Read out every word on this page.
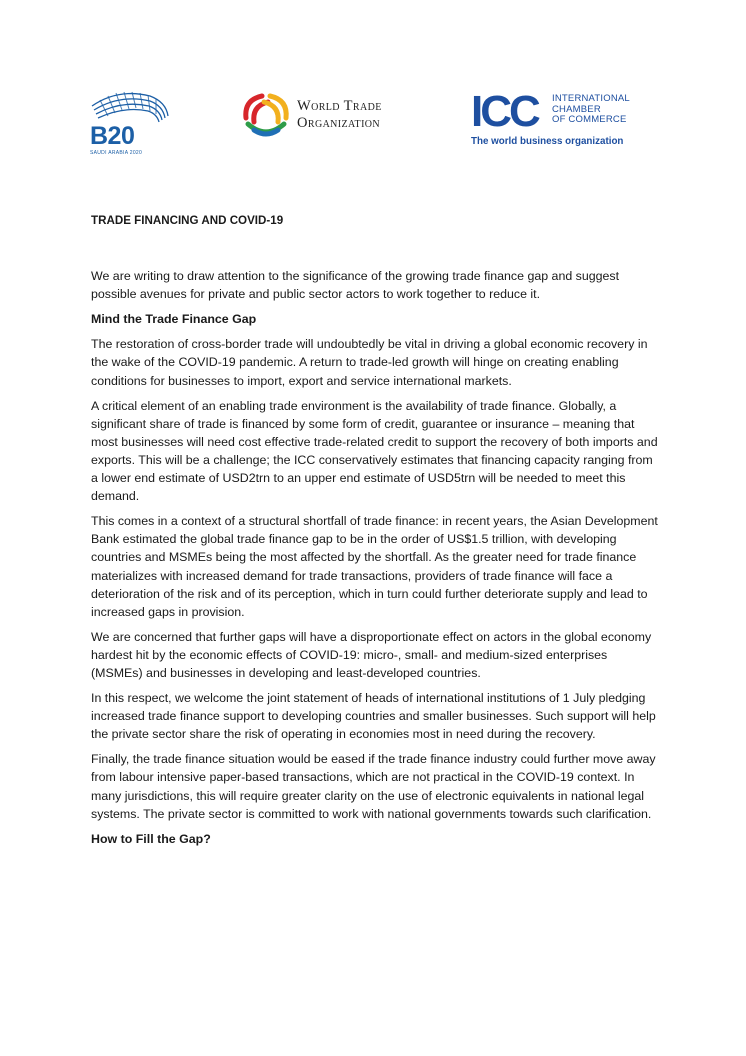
B20
SAUDI ARABIA 2020
World Trade
Organization ICC INTERNATIONAL
CHAMBER
OF COMMERCE
The world business organization

TRADE FINANCING AND COVID-19

We are writing to draw attention to the significance of the growing trade finance gap and suggest possible avenues for private and public sector actors to work together to reduce it.

Mind the Trade Finance Gap

The restoration of cross-border trade will undoubtedly be vital in driving a global economic recovery in the wake of the COVID-19 pandemic. A return to trade-led growth will hinge on creating enabling conditions for businesses to import, export and service international markets.

A critical element of an enabling trade environment is the availability of trade finance. Globally, a significant share of trade is financed by some form of credit, guarantee or insurance – meaning that most businesses will need cost effective trade-related credit to support the recovery of both imports and exports. This will be a challenge; the ICC conservatively estimates that financing capacity ranging from a lower end estimate of USD2trn to an upper end estimate of USD5trn will be needed to meet this demand.

This comes in a context of a structural shortfall of trade finance: in recent years, the Asian Development Bank estimated the global trade finance gap to be in the order of US$1.5 trillion, with developing countries and MSMEs being the most affected by the shortfall. As the greater need for trade finance materializes with increased demand for trade transactions, providers of trade finance will face a deterioration of the risk and of its perception, which in turn could further deteriorate supply and lead to increased gaps in provision.

We are concerned that further gaps will have a disproportionate effect on actors in the global economy hardest hit by the economic effects of COVID-19: micro-, small- and medium-sized enterprises (MSMEs) and businesses in developing and least-developed countries.

In this respect, we welcome the joint statement of heads of international institutions of 1 July pledging increased trade finance support to developing countries and smaller businesses. Such support will help the private sector share the risk of operating in economies most in need during the recovery.

Finally, the trade finance situation would be eased if the trade finance industry could further move away from labour intensive paper-based transactions, which are not practical in the COVID-19 context. In many jurisdictions, this will require greater clarity on the use of electronic equivalents in national legal systems. The private sector is committed to work with national governments towards such clarification.

How to Fill the Gap?
